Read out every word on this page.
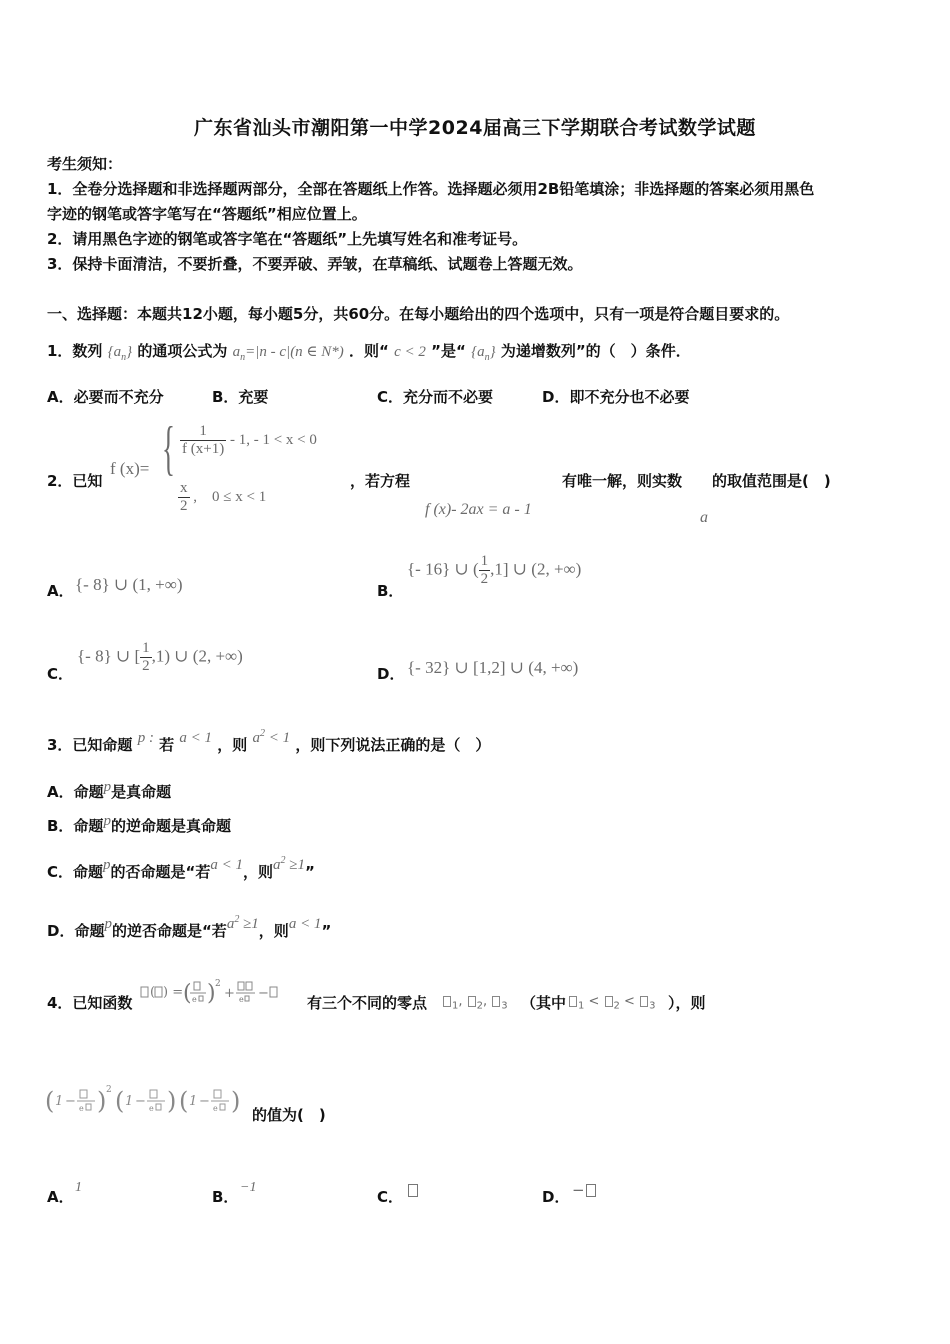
广东省汕头市潮阳第一中学2024届高三下学期联合考试数学试题
考生须知：
1．全卷分选择题和非选择题两部分，全部在答题纸上作答。选择题必须用2B铅笔填涂；非选择题的答案必须用黑色
字迹的钢笔或答字笔写在“答题纸”相应位置上。
2．请用黑色字迹的钢笔或答字笔在“答题纸”上先填写姓名和准考证号。
3．保持卡面清洁，不要折叠，不要弄破、弄皱，在草稿纸、试题卷上答题无效。
一、选择题：本题共12小题，每小题5分，共60分。在每小题给出的四个选项中，只有一项是符合题目要求的。
1．数列 $\{a_n\}$ 的通项公式为 $a_n=|n - c|(n$ ∈ N*) ．则“ c < 2 ”是“ $\{a_n\}$ 为递增数列”的（　）条件．
A．必要而不充分	B．充要	C．充分而不必要	D．即不充分也不必要
2．已知
f (x)= { $\frac{1}{f (x+1)} - 1$, - 1 < x < 0
$\frac{x}{2}$ ,　0 ≤ x < 1
，若方程	有唯一解，则实数 的取值范围是(　)
f (x)- 2ax = a - 1	a
A． {- 8} ∪ (1, +∞)	B．
{- 16} ∪ ( $\frac{1}{2} ,1$] ∪ (2, +∞)
C．
{- 8} ∪ [ $\frac{1}{2} ,1$) ∪ (2, +∞)
D． {- 32} ∪ [1,2] ∪ (4, +∞)
3．已知命题 p : 若 a < 1 ，则 $a^2 < 1$ ，则下列说法正确的是（　）
A．命题p是真命题
B．命题p的逆命题是真命题
C．命题p的否命题是“若a < 1，则$a^2 \ge 1$”
D．命题p的逆否命题是“若$a^2 \ge 1$，则a < 1”
4．已知函数
( ) = ( e ) 2
+ e −
有三个不同的零点	$_1$, $_2$, $_3$ （其中	$_1$ < $_2$ < $_3$ ），则
( 1 − e ) 2 ( 1 − e ) ( 1 − e ) 的值为(　)
A．
1
B．
−1
C．	D． −
